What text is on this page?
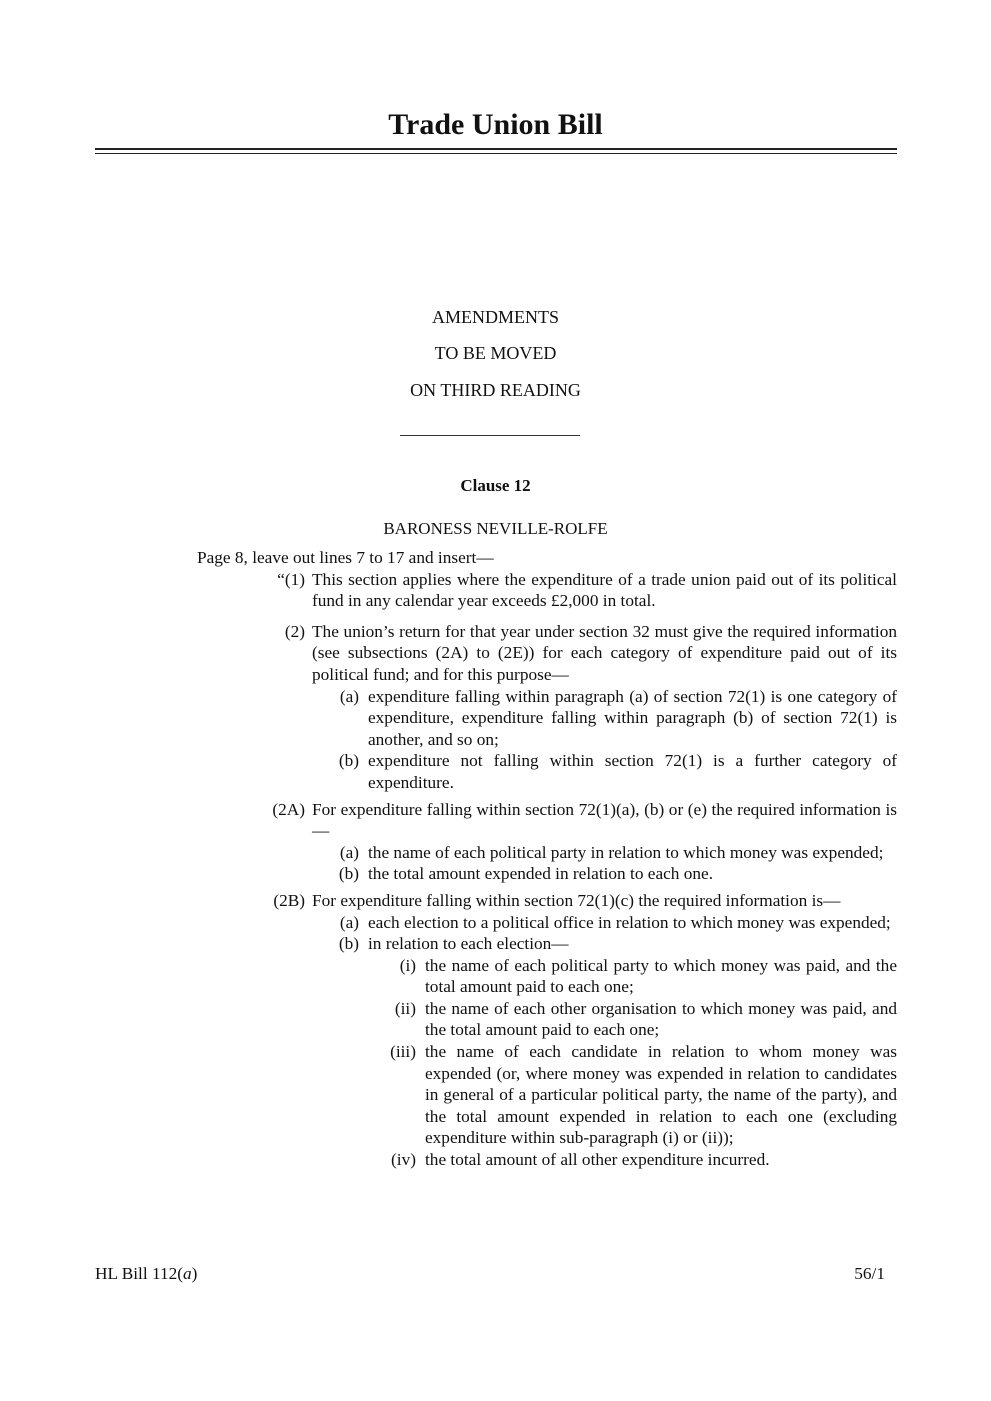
Trade Union Bill
AMENDMENTS
TO BE MOVED
ON THIRD READING
Clause 12
BARONESS NEVILLE-ROLFE

Page 8, leave out lines 7 to 17 and insert—

“(1) This section applies where the expenditure of a trade union paid out of its political fund in any calendar year exceeds £2,000 in total.
(2) The union’s return for that year under section 32 must give the required information (see subsections (2A) to (2E)) for each category of expenditure paid out of its political fund; and for this purpose—
(a) expenditure falling within paragraph (a) of section 72(1) is one category of expenditure, expenditure falling within paragraph (b) of section 72(1) is another, and so on;
(b) expenditure not falling within section 72(1) is a further category of expenditure.
(2A) For expenditure falling within section 72(1)(a), (b) or (e) the required information is—
(a) the name of each political party in relation to which money was expended;
(b) the total amount expended in relation to each one.
(2B) For expenditure falling within section 72(1)(c) the required information is—
(a) each election to a political office in relation to which money was expended;
(b) in relation to each election—
(i) the name of each political party to which money was paid, and the total amount paid to each one;
(ii) the name of each other organisation to which money was paid, and the total amount paid to each one;
(iii) the name of each candidate in relation to whom money was expended (or, where money was expended in relation to candidates in general of a particular political party, the name of the party), and the total amount expended in relation to each one (excluding expenditure within sub-paragraph (i) or (ii));
(iv) the total amount of all other expenditure incurred.
HL Bill 112(a)	56/1
